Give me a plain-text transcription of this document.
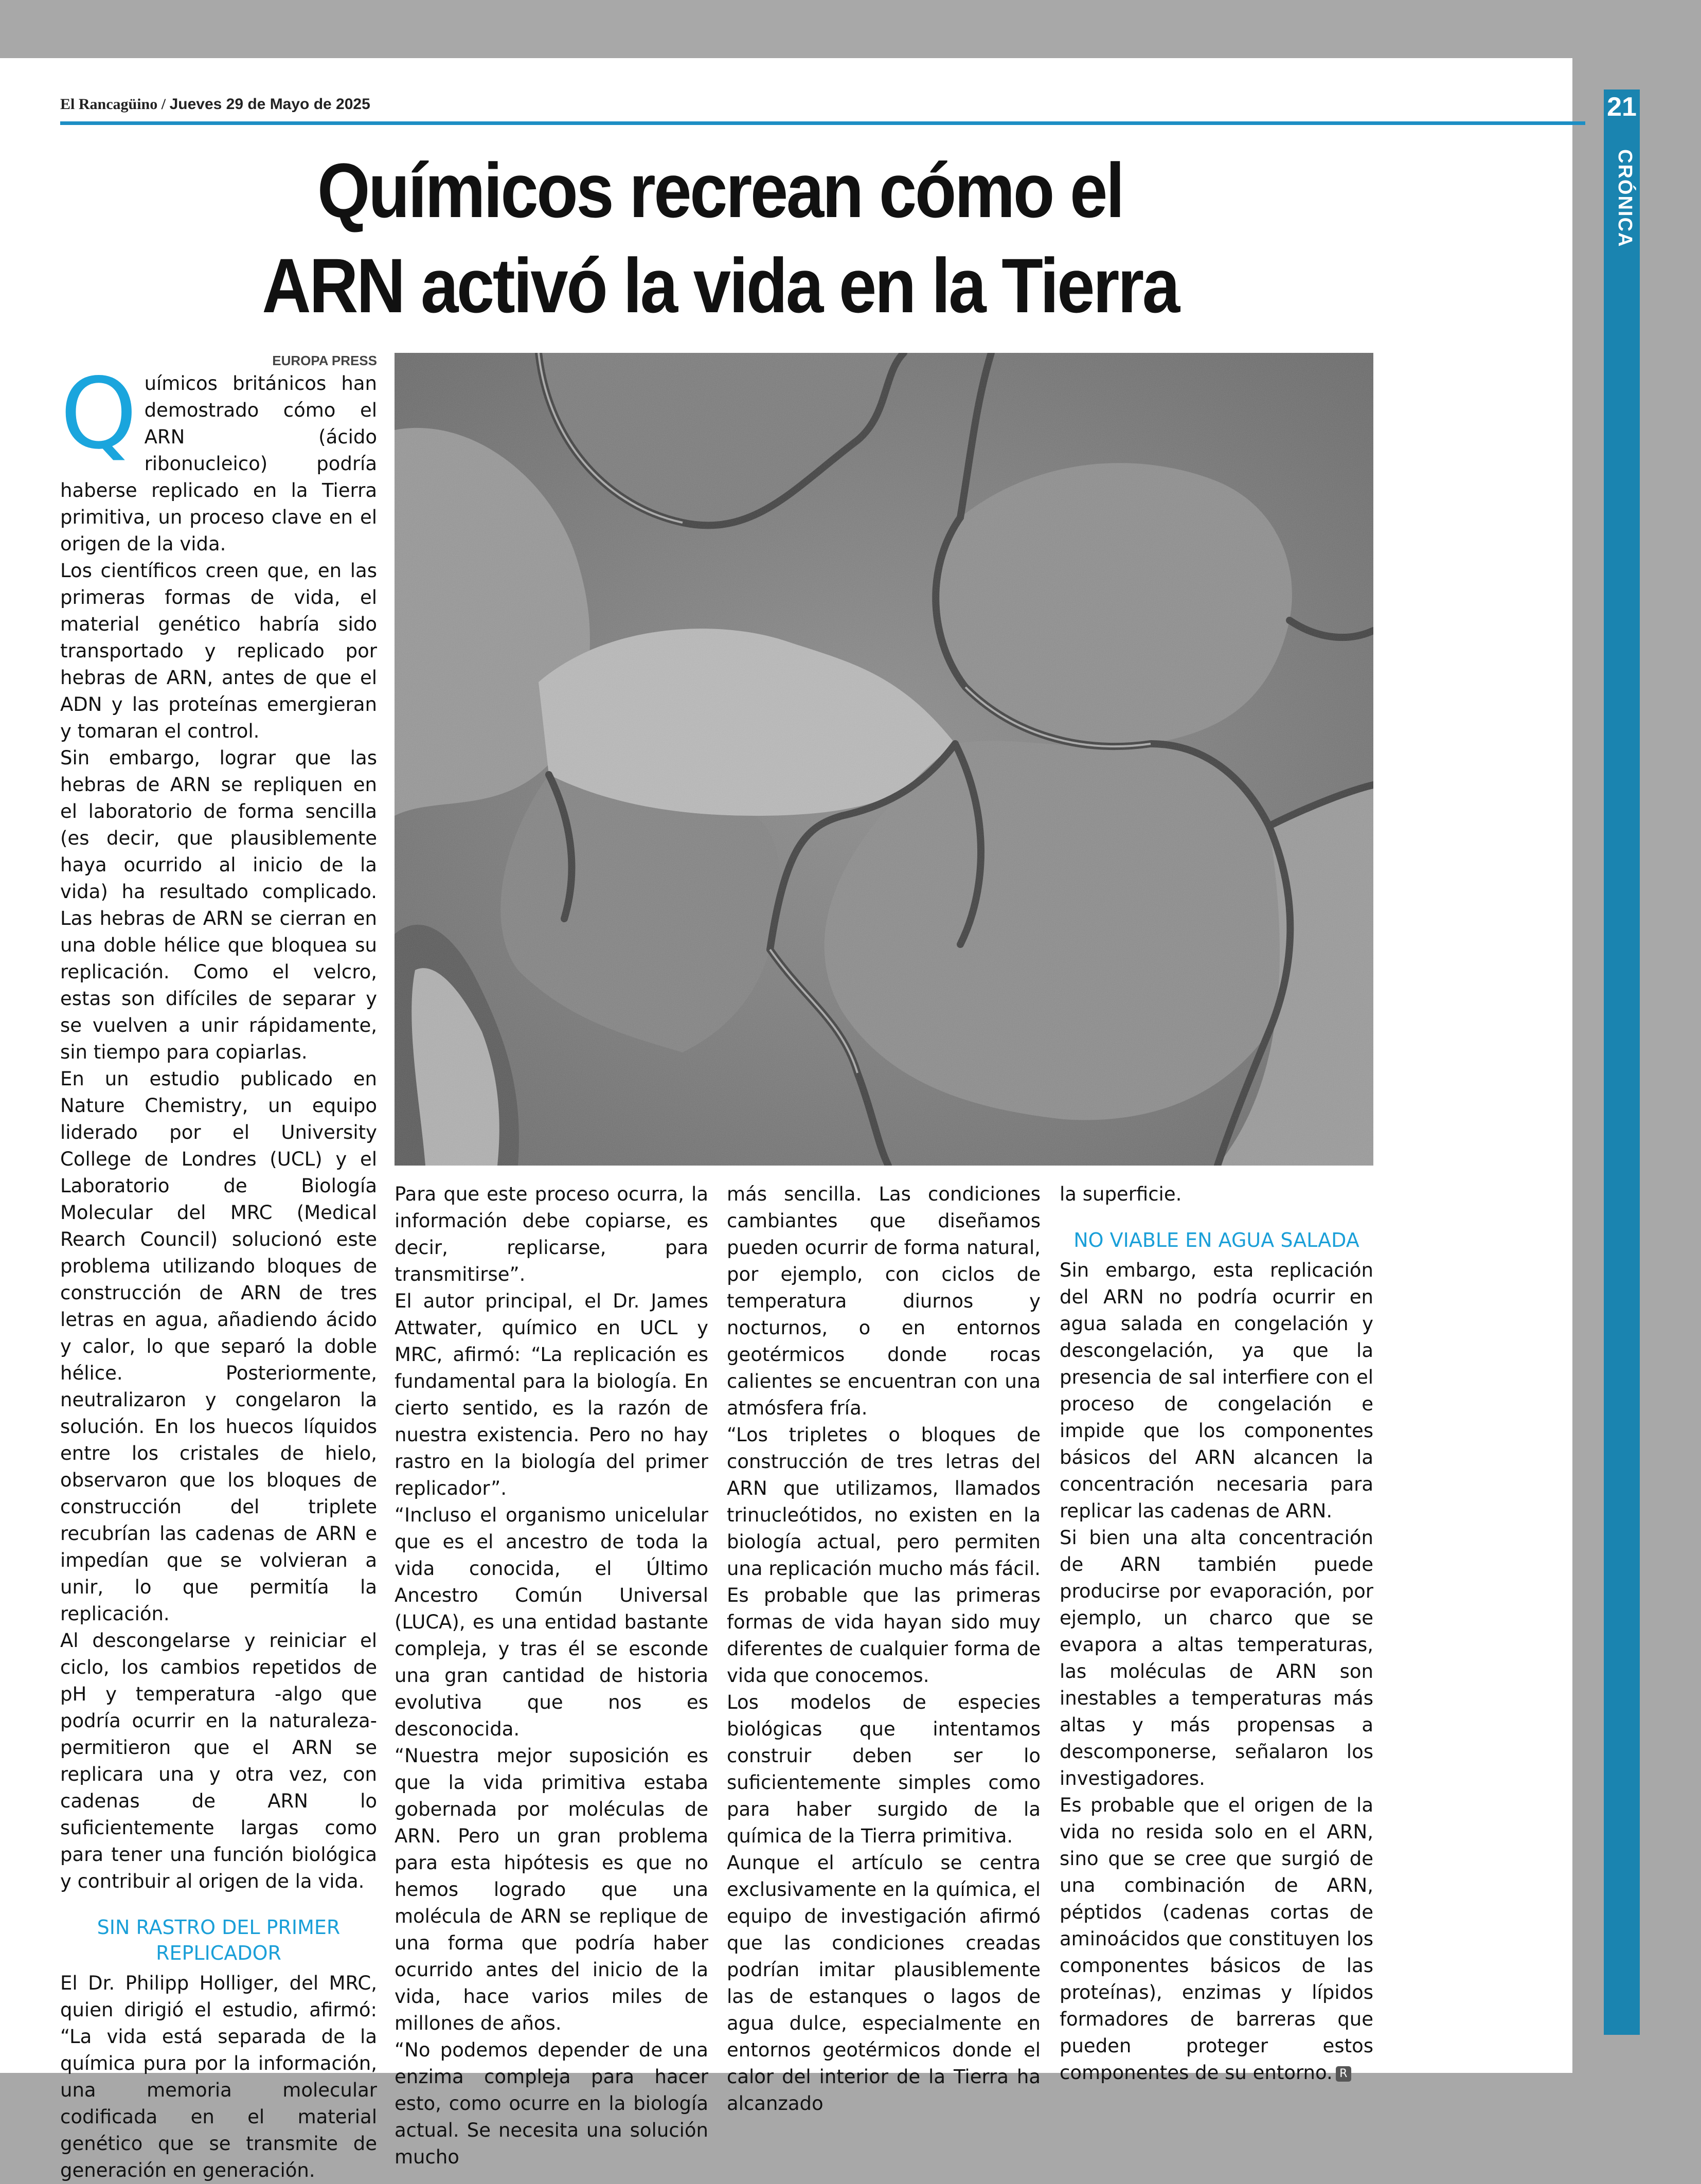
El Rancagüino / Jueves 29 de Mayo de 2025	21
CRÓNICA
Químicos recrean cómo el
ARN activó la vida en la Tierra
EUROPA PRESS
Q uímicos británicos han demostrado cómo el ARN (ácido ribonucleico) podría haberse replicado en la Tierra primitiva, un proceso clave en el origen de la vida.

Los científicos creen que, en las primeras formas de vida, el material genético habría sido transportado y replicado por hebras de ARN, antes de que el ADN y las proteínas emergieran y tomaran el control.

Sin embargo, lograr que las hebras de ARN se repliquen en el laboratorio de forma sencilla (es decir, que plausiblemente haya ocurrido al inicio de la vida) ha resultado complicado. Las hebras de ARN se cierran en una doble hélice que bloquea su replicación. Como el velcro, estas son difíciles de separar y se vuelven a unir rápidamente, sin tiempo para copiarlas.

En un estudio publicado en Nature Chemistry, un equipo liderado por el University College de Londres (UCL) y el Laboratorio de Biología Molecular del MRC (Medical Rearch Council) solucionó este problema utilizando bloques de construcción de ARN de tres letras en agua, añadiendo ácido y calor, lo que separó la doble hélice. Posteriormente, neutralizaron y congelaron la solución. En los huecos líquidos entre los cristales de hielo, observaron que los bloques de construcción del triplete recubrían las cadenas de ARN e impedían que se volvieran a unir, lo que permitía la replicación.

Al descongelarse y reiniciar el ciclo, los cambios repetidos de pH y temperatura -algo que podría ocurrir en la naturaleza- permitieron que el ARN se replicara una y otra vez, con cadenas de ARN lo suficientemente largas como para tener una función biológica y contribuir al origen de la vida.

SIN RASTRO DEL PRIMER REPLICADOR

El Dr. Philipp Holliger, del MRC, quien dirigió el estudio, afirmó: “La vida está separada de la química pura por la información, una memoria molecular codificada en el material genético que se transmite de generación en generación.

Para que este proceso ocurra, la información debe copiarse, es decir, replicarse, para transmitirse”.

El autor principal, el Dr. James Attwater, químico en UCL y MRC, afirmó: “La replicación es fundamental para la biología. En cierto sentido, es la razón de nuestra existencia. Pero no hay rastro en la biología del primer replicador”.

“Incluso el organismo unicelular que es el ancestro de toda la vida conocida, el Último Ancestro Común Universal (LUCA), es una entidad bastante compleja, y tras él se esconde una gran cantidad de historia evolutiva que nos es desconocida.

“Nuestra mejor suposición es que la vida primitiva estaba gobernada por moléculas de ARN. Pero un gran problema para esta hipótesis es que no hemos logrado que una molécula de ARN se replique de una forma que podría haber ocurrido antes del inicio de la vida, hace varios miles de millones de años.

“No podemos depender de una enzima compleja para hacer esto, como ocurre en la biología actual. Se necesita una solución mucho

más sencilla. Las condiciones cambiantes que diseñamos pueden ocurrir de forma natural, por ejemplo, con ciclos de temperatura diurnos y nocturnos, o en entornos geotérmicos donde rocas calientes se encuentran con una atmósfera fría.

“Los tripletes o bloques de construcción de tres letras del ARN que utilizamos, llamados trinucleótidos, no existen en la biología actual, pero permiten una replicación mucho más fácil. Es probable que las primeras formas de vida hayan sido muy diferentes de cualquier forma de vida que conocemos.

Los modelos de especies biológicas que intentamos construir deben ser lo suficientemente simples como para haber surgido de la química de la Tierra primitiva.

Aunque el artículo se centra exclusivamente en la química, el equipo de investigación afirmó que las condiciones creadas podrían imitar plausiblemente las de estanques o lagos de agua dulce, especialmente en entornos geotérmicos donde el calor del interior de la Tierra ha alcanzado

la superficie.

NO VIABLE EN AGUA SALADA

Sin embargo, esta replicación del ARN no podría ocurrir en agua salada en congelación y descongelación, ya que la presencia de sal interfiere con el proceso de congelación e impide que los componentes básicos del ARN alcancen la concentración necesaria para replicar las cadenas de ARN.

Si bien una alta concentración de ARN también puede producirse por evaporación, por ejemplo, un charco que se evapora a altas temperaturas, las moléculas de ARN son inestables a temperaturas más altas y más propensas a descomponerse, señalaron los investigadores.

Es probable que el origen de la vida no resida solo en el ARN, sino que se cree que surgió de una combinación de ARN, péptidos (cadenas cortas de aminoácidos que constituyen los componentes básicos de las proteínas), enzimas y lípidos formadores de barreras que pueden proteger estos componentes de su entorno. R
